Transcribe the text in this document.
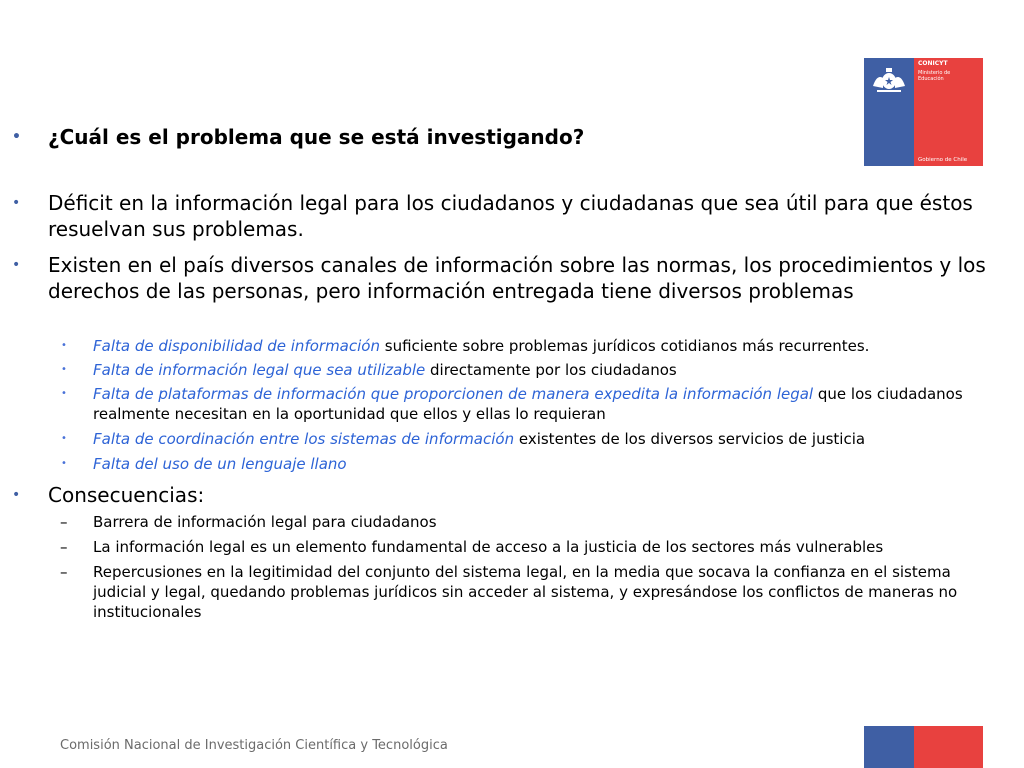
CONICYT
Ministerio de
Educación
Gobierno de Chile
• ¿Cuál es el problema que se está investigando?
• Déficit en la información legal para los ciudadanos y ciudadanas que sea útil para que éstos resuelvan sus problemas.
• Existen en el país diversos canales de información sobre las normas, los procedimientos y los derechos de las personas, pero información entregada tiene diversos problemas
• Falta de disponibilidad de información suficiente sobre problemas jurídicos cotidianos más recurrentes.
• Falta de información legal que sea utilizable directamente por los ciudadanos
• Falta de plataformas de información que proporcionen de manera expedita la información legal que los ciudadanos realmente necesitan en la oportunidad que ellos y ellas lo requieran
• Falta de coordinación entre los sistemas de información existentes de los diversos servicios de justicia
• Falta del uso de un lenguaje llano
• Consecuencias:
– Barrera de información legal para ciudadanos
– La información legal es un elemento fundamental de acceso a la justicia de los sectores más vulnerables
– Repercusiones en la legitimidad del conjunto del sistema legal, en la media que socava la confianza en el sistema judicial y legal, quedando problemas jurídicos sin acceder al sistema, y expresándose los conflictos de maneras no institucionales
Comisión Nacional de Investigación Científica y Tecnológica
